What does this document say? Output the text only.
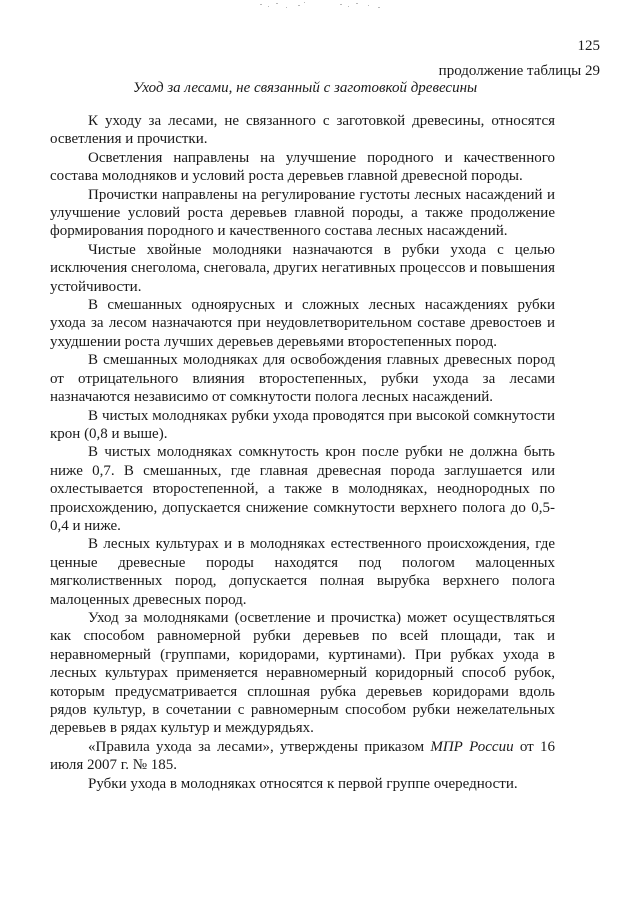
125
продолжение таблицы 29
Уход за лесами, не связанный с заготовкой древесины

К уходу за лесами, не связанного с заготовкой древесины, относятся осветления и прочистки.

Осветления направлены на улучшение породного и качественного состава молодняков и условий роста деревьев главной древесной породы.

Прочистки направлены на регулирование густоты лесных насаждений и улучшение условий роста деревьев главной породы, а также продолжение формирования породного и качественного состава лесных насаждений.

Чистые хвойные молодняки назначаются в рубки ухода с целью исключения снеголома, снеговала, других негативных процессов и повышения устойчивости.

В смешанных одноярусных и сложных лесных насаждениях рубки ухода за лесом назначаются при неудовлетворительном составе древостоев и ухудшении роста лучших деревьев деревьями второстепенных пород.

В смешанных молодняках для освобождения главных древесных пород от отрицательного влияния второстепенных, рубки ухода за лесами назначаются независимо от сомкнутости полога лесных насаждений.

В чистых молодняках рубки ухода проводятся при высокой сомкнутости крон (0,8 и выше).

В чистых молодняках сомкнутость крон после рубки не должна быть ниже 0,7. В смешанных, где главная древесная порода заглушается или охлестывается второстепенной, а также в молодняках, неоднородных по происхождению, допускается снижение сомкнутости верхнего полога до 0,5-0,4 и ниже.

В лесных культурах и в молодняках естественного происхождения, где ценные древесные породы находятся под пологом малоценных мягколиственных пород, допускается полная вырубка верхнего полога малоценных древесных пород.

Уход за молодняками (осветление и прочистка) может осуществляться как способом равномерной рубки деревьев по всей площади, так и неравномерный (группами, коридорами, куртинами). При рубках ухода в лесных культурах применяется неравномерный коридорный способ рубок, которым предусматривается сплошная рубка деревьев коридорами вдоль рядов культур, в сочетании с равномерным способом рубки нежелательных деревьев в рядах культур и междурядьях.

«Правила ухода за лесами», утверждены приказом МПР России от 16 июля 2007 г. № 185.

Рубки ухода в молодняках относятся к первой группе очередности.
